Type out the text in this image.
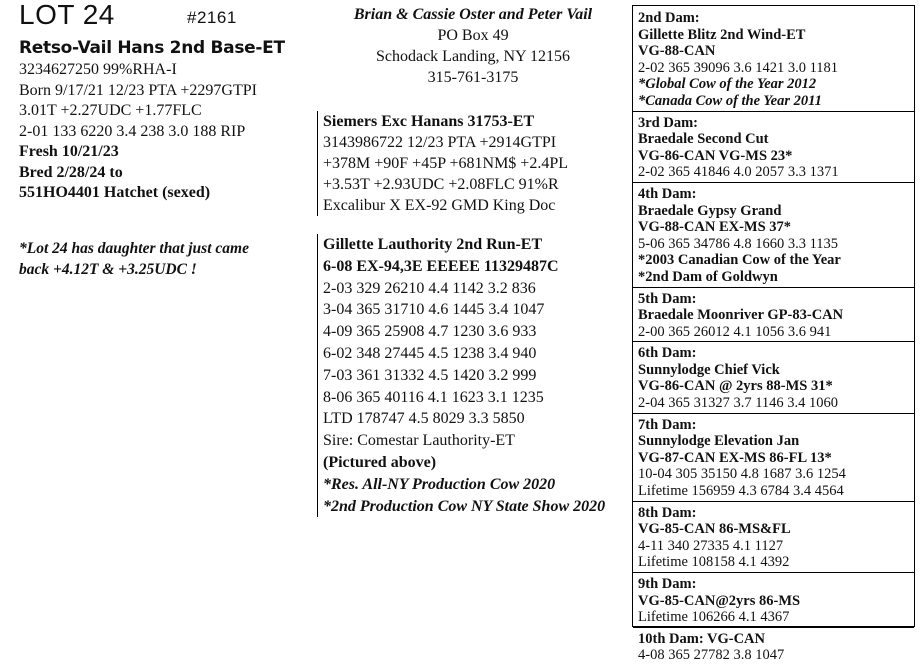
LOT 24	#2161
Retso-Vail Hans 2nd Base-ET
3234627250 99%RHA-I
Born 9/17/21 12/23 PTA +2297GTPI
3.01T +2.27UDC +1.77FLC
2-01 133 6220 3.4 238 3.0 188 RIP
Fresh 10/21/23
Bred 2/28/24 to
551HO4401 Hatchet (sexed)
*Lot 24 has daughter that just came
back +4.12T & +3.25UDC !
Brian & Cassie Oster and Peter Vail
PO Box 49
Schodack Landing, NY 12156
315-761-3175
Siemers Exc Hanans 31753-ET
3143986722 12/23 PTA +2914GTPI
+378M +90F +45P +681NM$ +2.4PL
+3.53T +2.93UDC +2.08FLC 91%R
Excalibur X EX-92 GMD King Doc
Gillette Lauthority 2nd Run-ET
6-08 EX-94,3E EEEEE 11329487C
2-03 329 26210 4.4 1142 3.2 836
3-04 365 31710 4.6 1445 3.4 1047
4-09 365 25908 4.7 1230 3.6 933
6-02 348 27445 4.5 1238 3.4 940
7-03 361 31332 4.5 1420 3.2 999
8-06 365 40116 4.1 1623 3.1 1235
LTD 178747 4.5 8029 3.3 5850
Sire: Comestar Lauthority-ET
(Pictured above)
*Res. All-NY Production Cow 2020
*2nd Production Cow NY State Show 2020
2nd Dam:
Gillette Blitz 2nd Wind-ET
VG-88-CAN
2-02 365 39096 3.6 1421 3.0 1181
*Global Cow of the Year 2012
*Canada Cow of the Year 2011
3rd Dam:
Braedale Second Cut
VG-86-CAN VG-MS 23*
2-02 365 41846 4.0 2057 3.3 1371
4th Dam:
Braedale Gypsy Grand
VG-88-CAN EX-MS 37*
5-06 365 34786 4.8 1660 3.3 1135
*2003 Canadian Cow of the Year
*2nd Dam of Goldwyn
5th Dam:
Braedale Moonriver GP-83-CAN
2-00 365 26012 4.1 1056 3.6 941
6th Dam:
Sunnylodge Chief Vick
VG-86-CAN @ 2yrs 88-MS 31*
2-04 365 31327 3.7 1146 3.4 1060
7th Dam:
Sunnylodge Elevation Jan
VG-87-CAN EX-MS 86-FL 13*
10-04 305 35150 4.8 1687 3.6 1254
Lifetime 156959 4.3 6784 3.4 4564
8th Dam:
VG-85-CAN 86-MS&FL
4-11 340 27335 4.1 1127
Lifetime 108158 4.1 4392
9th Dam:
VG-85-CAN@2yrs 86-MS
Lifetime 106266 4.1 4367
10th Dam: VG-CAN
4-08 365 27782 3.8 1047
